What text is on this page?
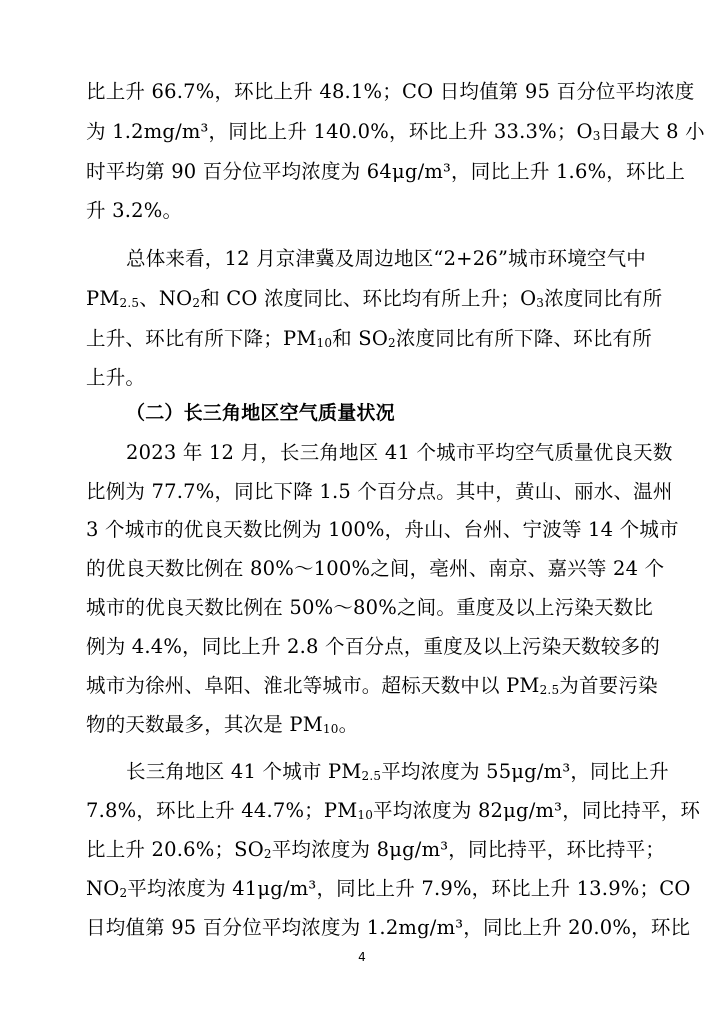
比上升 66.7%，环比上升 48.1%；CO 日均值第 95 百分位平均浓度
为 1.2mg/m³，同比上升 140.0%，环比上升 33.3%；$O_3$日最大 8 小
时平均第 90 百分位平均浓度为 64μg/m³，同比上升 1.6%，环比上
升 3.2%。
总体来看，12 月京津冀及周边地区“2+26”城市环境空气中
$PM_{2.5}$、$NO_2$和 CO 浓度同比、环比均有所上升；$O_3$浓度同比有所
上升、环比有所下降；$PM_{10}$和 $SO_2$浓度同比有所下降、环比有所
上升。
（二）长三角地区空气质量状况
2023 年 12 月，长三角地区 41 个城市平均空气质量优良天数
比例为 77.7%，同比下降 1.5 个百分点。其中，黄山、丽水、温州
3 个城市的优良天数比例为 100%，舟山、台州、宁波等 14 个城市
的优良天数比例在 80%～100%之间，亳州、南京、嘉兴等 24 个
城市的优良天数比例在 50%～80%之间。重度及以上污染天数比
例为 4.4%，同比上升 2.8 个百分点，重度及以上污染天数较多的
城市为徐州、阜阳、淮北等城市。超标天数中以 $PM_{2.5}$为首要污染
物的天数最多，其次是 $PM_{10}$。
长三角地区 41 个城市 $PM_{2.5}$平均浓度为 55μg/m³，同比上升
7.8%，环比上升 44.7%；$PM_{10}$平均浓度为 82μg/m³，同比持平，环
比上升 20.6%；$SO_2$平均浓度为 8μg/m³，同比持平，环比持平；
$NO_2$平均浓度为 41μg/m³，同比上升 7.9%，环比上升 13.9%；CO
日均值第 95 百分位平均浓度为 1.2mg/m³，同比上升 20.0%，环比
4
